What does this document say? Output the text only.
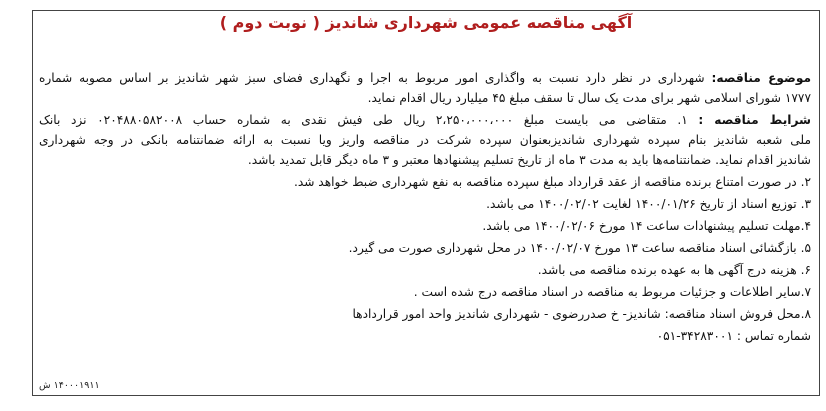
آگهی مناقصه عمومی شهرداری شاندیز ( نوبت دوم )
موضوع مناقصه: شهرداری در نظر دارد نسبت به واگذاری امور مربوط به اجرا و نگهداری فضای سبز شهر شاندیز بر اساس مصوبه شماره
۱۷۷۷ شورای اسلامی شهر برای مدت یک سال تا سقف مبلغ ۴۵ میلیارد ریال اقدام نماید.
شرایط مناقصه : ۱. متقاضی می بایست مبلغ ۲،۲۵۰،۰۰۰،۰۰۰ ریال طی فیش نقدی به شماره حساب ۰۲۰۴۸۸۰۵۸۲۰۰۸ نزد بانک
ملی شعبه شاندیز بنام سپرده شهرداری شاندیزبعنوان سپرده شرکت در مناقصه واریز ویا نسبت به ارائه ضمانتنامه بانکی در وجه شهرداری
شاندیز اقدام نماید. ضمانتنامه‌ها باید به مدت ۳ ماه از تاریخ تسلیم پیشنهادها معتبر و ۳ ماه دیگر قابل تمدید باشد.
۲. در صورت امتناع برنده مناقصه از عقد قرارداد مبلغ سپرده مناقصه به نفع شهرداری ضبط خواهد شد.
۳. توزیع اسناد از تاریخ ۱۴۰۰/۰۱/۲۶ لغایت ۱۴۰۰/۰۲/۰۲ می باشد.
۴.مهلت تسلیم پیشنهادات ساعت ۱۴ مورخ ۱۴۰۰/۰۲/۰۶ می باشد.
۵. بازگشائی اسناد مناقصه ساعت ۱۳ مورخ ۱۴۰۰/۰۲/۰۷ در محل شهرداری صورت می گیرد.
۶. هزینه درج آگهی ها به عهده برنده مناقصه می باشد.
۷.سایر اطلاعات و جزئیات مربوط به مناقصه در اسناد مناقصه درج شده است .
۸.محل فروش اسناد مناقصه: شاندیز- خ صدررضوی - شهرداری شاندیز واحد امور قراردادها
شماره تماس : ۳۴۲۸۳۰۰۱-۰۵۱
۱۴۰۰۰۱۹۱۱ ش
